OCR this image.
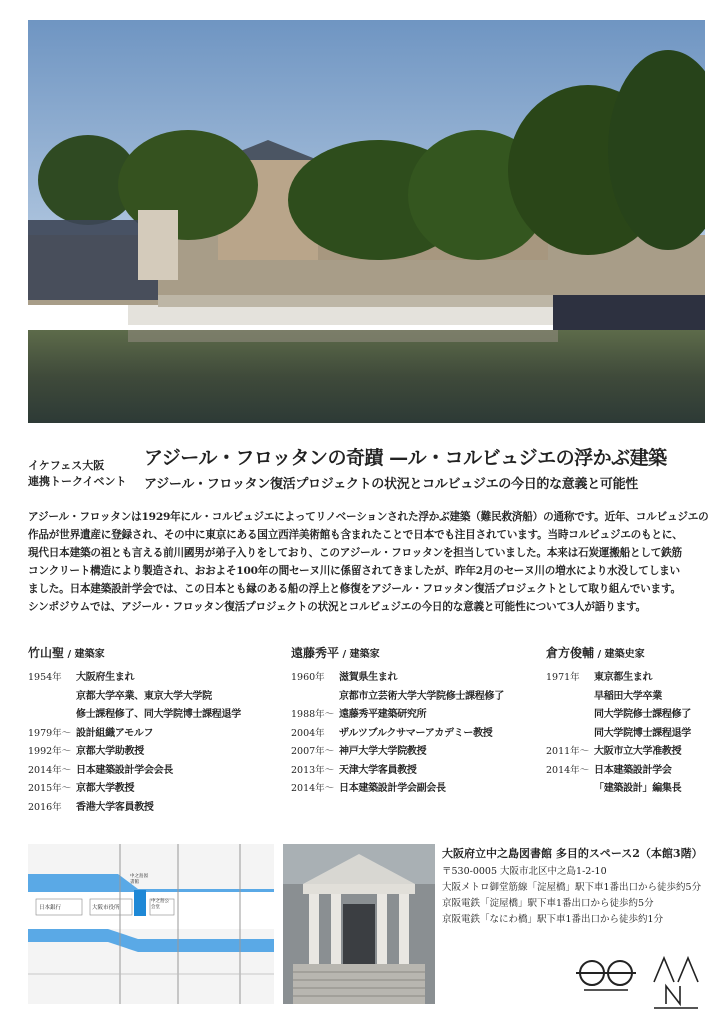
イケフェス大阪
連携トークイベント
アジール・フロッタンの奇蹟 —ル・コルビュジエの浮かぶ建築
アジール・フロッタン復活プロジェクトの状況とコルビュジエの今日的な意義と可能性

アジール・フロッタンは1929年にル・コルビュジエによってリノベーションされた浮かぶ建築（難民救済船）の通称です。近年、コルビュジエの

作品が世界遺産に登録され、その中に東京にある国立西洋美術館も含まれたことで日本でも注目されています。当時コルビュジエのもとに、

現代日本建築の祖とも言える前川國男が弟子入りをしており、このアジール・フロッタンを担当していました。本来は石炭運搬船として鉄筋

コンクリート構造により製造され、おおよそ100年の間セーヌ川に係留されてきましたが、昨年2月のセーヌ川の増水により水没してしまい

ました。日本建築設計学会では、この日本とも縁のある船の浮上と修復をアジール・フロッタン復活プロジェクトとして取り組んでいます。

シンポジウムでは、アジール・フロッタン復活プロジェクトの状況とコルビュジエの今日的な意義と可能性について3人が語ります。

竹山聖 / 建築家
1954年	大阪府生まれ
京都大学卒業、東京大学大学院
修士課程修了、同大学院博士課程退学
1979年〜 設計組織アモルフ
1992年〜 京都大学助教授
2014年〜 日本建築設計学会会長
2015年〜 京都大学教授
2016年	香港大学客員教授
遠藤秀平 / 建築家
1960年	滋賀県生まれ
京都市立芸術大学大学院修士課程修了
1988年〜 遠藤秀平建築研究所
2004年	ザルツブルクサマーアカデミー教授
2007年〜 神戸大学大学院教授
2013年〜 天津大学客員教授
2014年〜 日本建築設計学会副会長
倉方俊輔 / 建築史家
1971年	東京都生まれ
早稲田大学卒業
同大学院修士課程修了
同大学院博士課程退学
2011年〜 大阪市立大学准教授
2014年〜 日本建築設計学会
「建築設計」編集長
日本銀行	大阪市役所
中之島公会堂
中之島図書館
大阪府立中之島図書館 多目的スペース2（本館3階）
〒530-0005 大阪市北区中之島1-2-10
大阪メトロ御堂筋線「淀屋橋」駅下車1番出口から徒歩約5分
京阪電鉄「淀屋橋」駅下車1番出口から徒歩約5分
京阪電鉄「なにわ橋」駅下車1番出口から徒歩約1分
